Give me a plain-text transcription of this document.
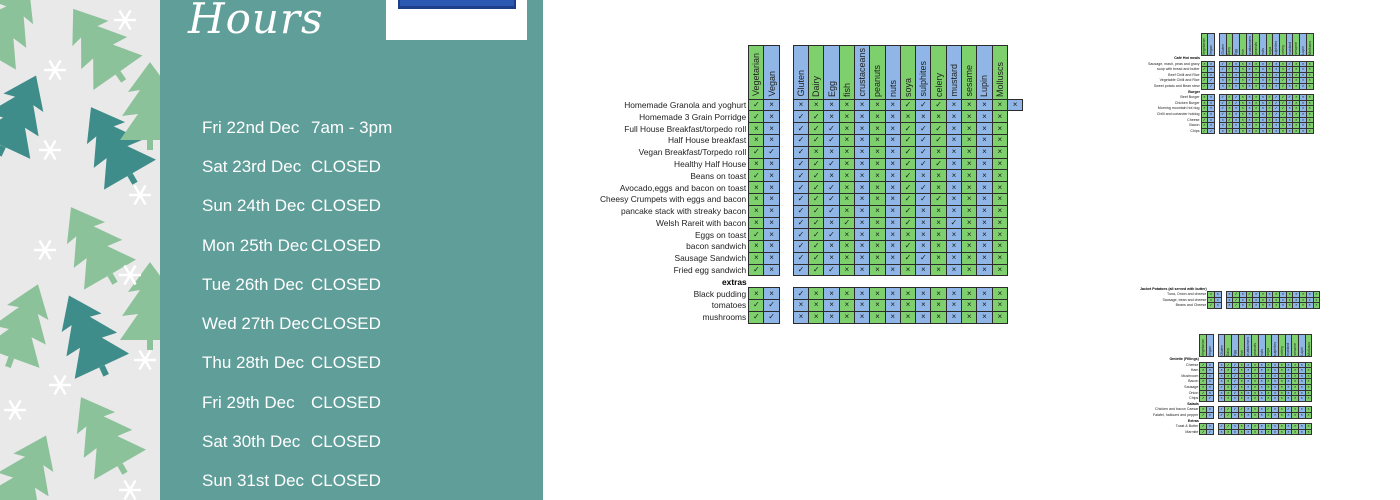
Hours
Fri 22nd Dec 7am - 3pm
Sat 23rd Dec CLOSED
Sun 24th Dec CLOSED
Mon 25th Dec CLOSED
Tue 26th Dec CLOSED
Wed 27th Dec CLOSED
Thu 28th Dec CLOSED
Fri 29th Dec CLOSED
Sat 30th Dec CLOSED
Sun 31st Dec CLOSED

	Vegetarian	Vegan		Gluten	Dairy	Egg	fish	crustaceans	peanuts	nuts	soya	sulphites	celery	mustard	sesame	Lupin	Molluscs	

Homemade Granola and yoghurt	✓	×		×	×	×	×	×	×	×	✓	✓	✓	×	×	×	×	×
Homemade 3 Grain Porridge	✓	×		✓	✓	×	×	×	×	×	×	×	×	×	×	×	×	
Full House Breakfast/torpedo roll	×	×		✓	✓	✓	×	×	×	×	✓	✓	✓	×	×	×	×	
Half House breakfast	×	×		✓	✓	✓	×	×	×	×	✓	✓	✓	×	×	×	×	
Vegan Breakfast/Torpedo roll	✓	✓		✓	×	×	×	×	×	×	✓	✓	×	×	×	×	×	
Healthy Half House	×	×		✓	✓	✓	×	×	×	×	✓	✓	✓	×	×	×	×	
Beans on toast	✓	×		✓	✓	×	×	×	×	×	✓	×	×	×	×	×	×	
Avocado,eggs and bacon on toast	×	×		✓	✓	✓	×	×	×	×	✓	✓	×	×	×	×	×	
Cheesy Crumpets with eggs and bacon	×	×		✓	✓	✓	×	×	×	×	✓	✓	✓	×	×	×	×	
pancake stack with streaky bacon	×	×		✓	✓	✓	×	×	×	×	✓	×	×	×	×	×	×	
Welsh Rareit with bacon	×	×		✓	✓	×	✓	×	×	×	✓	×	×	✓	×	×	×	
Eggs on toast	✓	×		✓	✓	✓	×	×	×	×	×	×	×	×	×	×	×	
bacon sandwich	×	×		✓	✓	×	×	×	×	×	✓	×	×	×	×	×	×	
Sausage Sandwich	×	×		✓	✓	×	×	×	×	×	✓	✓	×	×	×	×	×	
Fried egg sandwich	✓	×		✓	✓	✓	×	×	×	×	×	×	×	×	×	×	×	
extras																		
Black pudding	×	×		✓	×	×	×	×	×	×	×	×	×	×	×	×	×	
tomatoes	✓	✓		×	×	×	×	×	×	×	×	×	×	×	×	×	×	
mushrooms	✓	✓		×	×	×	×	×	×	×	×	×	×	×	×	×	×	

	Vegetarian	Vegan		Gluten	Dairy	Egg	fish	crustaceans	peanuts	nuts	soya	sulphites	celery	mustard	sesame	Lupin	Molluscs

Café Hot meals																	
Sausage, mash, peas and gravy	×	×		✓	✓	×	×	×	×	×	✓	×	×	✓	×	×	×
soup with bread and butter	✓	×		✓	✓	×	×	×	×	×	×	×	×	✓	×	×	×
Beef Chilli and Rice	×	×		×	×	×	×	×	×	×	×	×	✓	×	×	×	×
Vegetable Chilli and Rice	✓	✓		×	×	×	×	×	×	×	×	×	✓	×	×	×	×
Sweet potato and Bean stew	✓	✓		×	×	×	×	×	×	×	×	×	✓	×	×	×	×
Burger																	
Beef Burger	×	×		✓	✓	✓	×	×	×	×	✓	✓	✓	✓	×	×	×
Chicken Burger	×	×		✓	✓	✓	×	×	×	×	✓	✓	✓	✓	×	×	×
Morning mountain hot dog	×	×		✓	×	×	×	×	×	×	✓	✓	✓	×	×	×	×
Chilli and coriander hotdog	×	×		✓	×	×	×	×	×	×	✓	✓	✓	×	×	×	×
Cheese	✓	×		×	✓	×	×	×	×	×	×	×	×	×	×	×	×
Bacon	×	×		×	×	×	×	×	×	×	×	×	×	×	×	×	×
Chips	✓	✓		×	×	×	×	×	×	×	×	×	×	×	×	×	×
Jacket Potatoes (all served with butter)																	
Tuna, Onion and cheese	×	×		×	✓	×	✓	×	×	×	×	×	×	×	×	×	×
Sausage, bean and cheese	×	×		×	✓	×	×	×	×	×	×	×	×	×	×	×	×
Beans and Cheese	✓	×		×	✓	×	×	×	×	×	×	×	×	×	×	×	×

	Vegetarian	Vegan		Gluten	Dairy	Egg	fish	crustaceans	peanuts	nuts	soya	sulphites	celery	mustard	sesame	Lupin	Molluscs

Omlette (Fillings)																	
Cheese	✓	×		×	✓	✓	×	×	×	×	×	×	×	×	×	×	×
Ham	×	×		×	×	✓	×	×	×	×	×	×	×	×	×	×	×
Mushroom	✓	×		×	×	✓	×	×	×	×	×	×	×	×	×	×	×
Bacon	×	×		×	×	✓	×	×	×	×	×	×	×	×	×	×	×
Sausage	×	×		✓	×	✓	×	×	×	×	×	×	×	×	×	×	×
Onion	✓	×		×	×	✓	×	×	×	×	×	×	×	×	×	×	×
Chips	✓	✓		×	×	×	×	×	×	×	×	×	×	×	×	×	×
Salads																	
Chicken and bacon Caesar	×	×		✓	✓	✓	✓	×	×	×	✓	×	×	✓	×	×	×
Falafel, halloumi and pepper	✓	×		✓	✓	×	×	×	×	×	×	×	×	×	×	×	×
Extras																	
Toast & Butter	✓	×		✓	✓	×	×	×	×	×	×	×	×	×	×	×	×
Marmite	✓	✓		×	×	×	×	×	×	×	×	×	×	×	×	×	×
